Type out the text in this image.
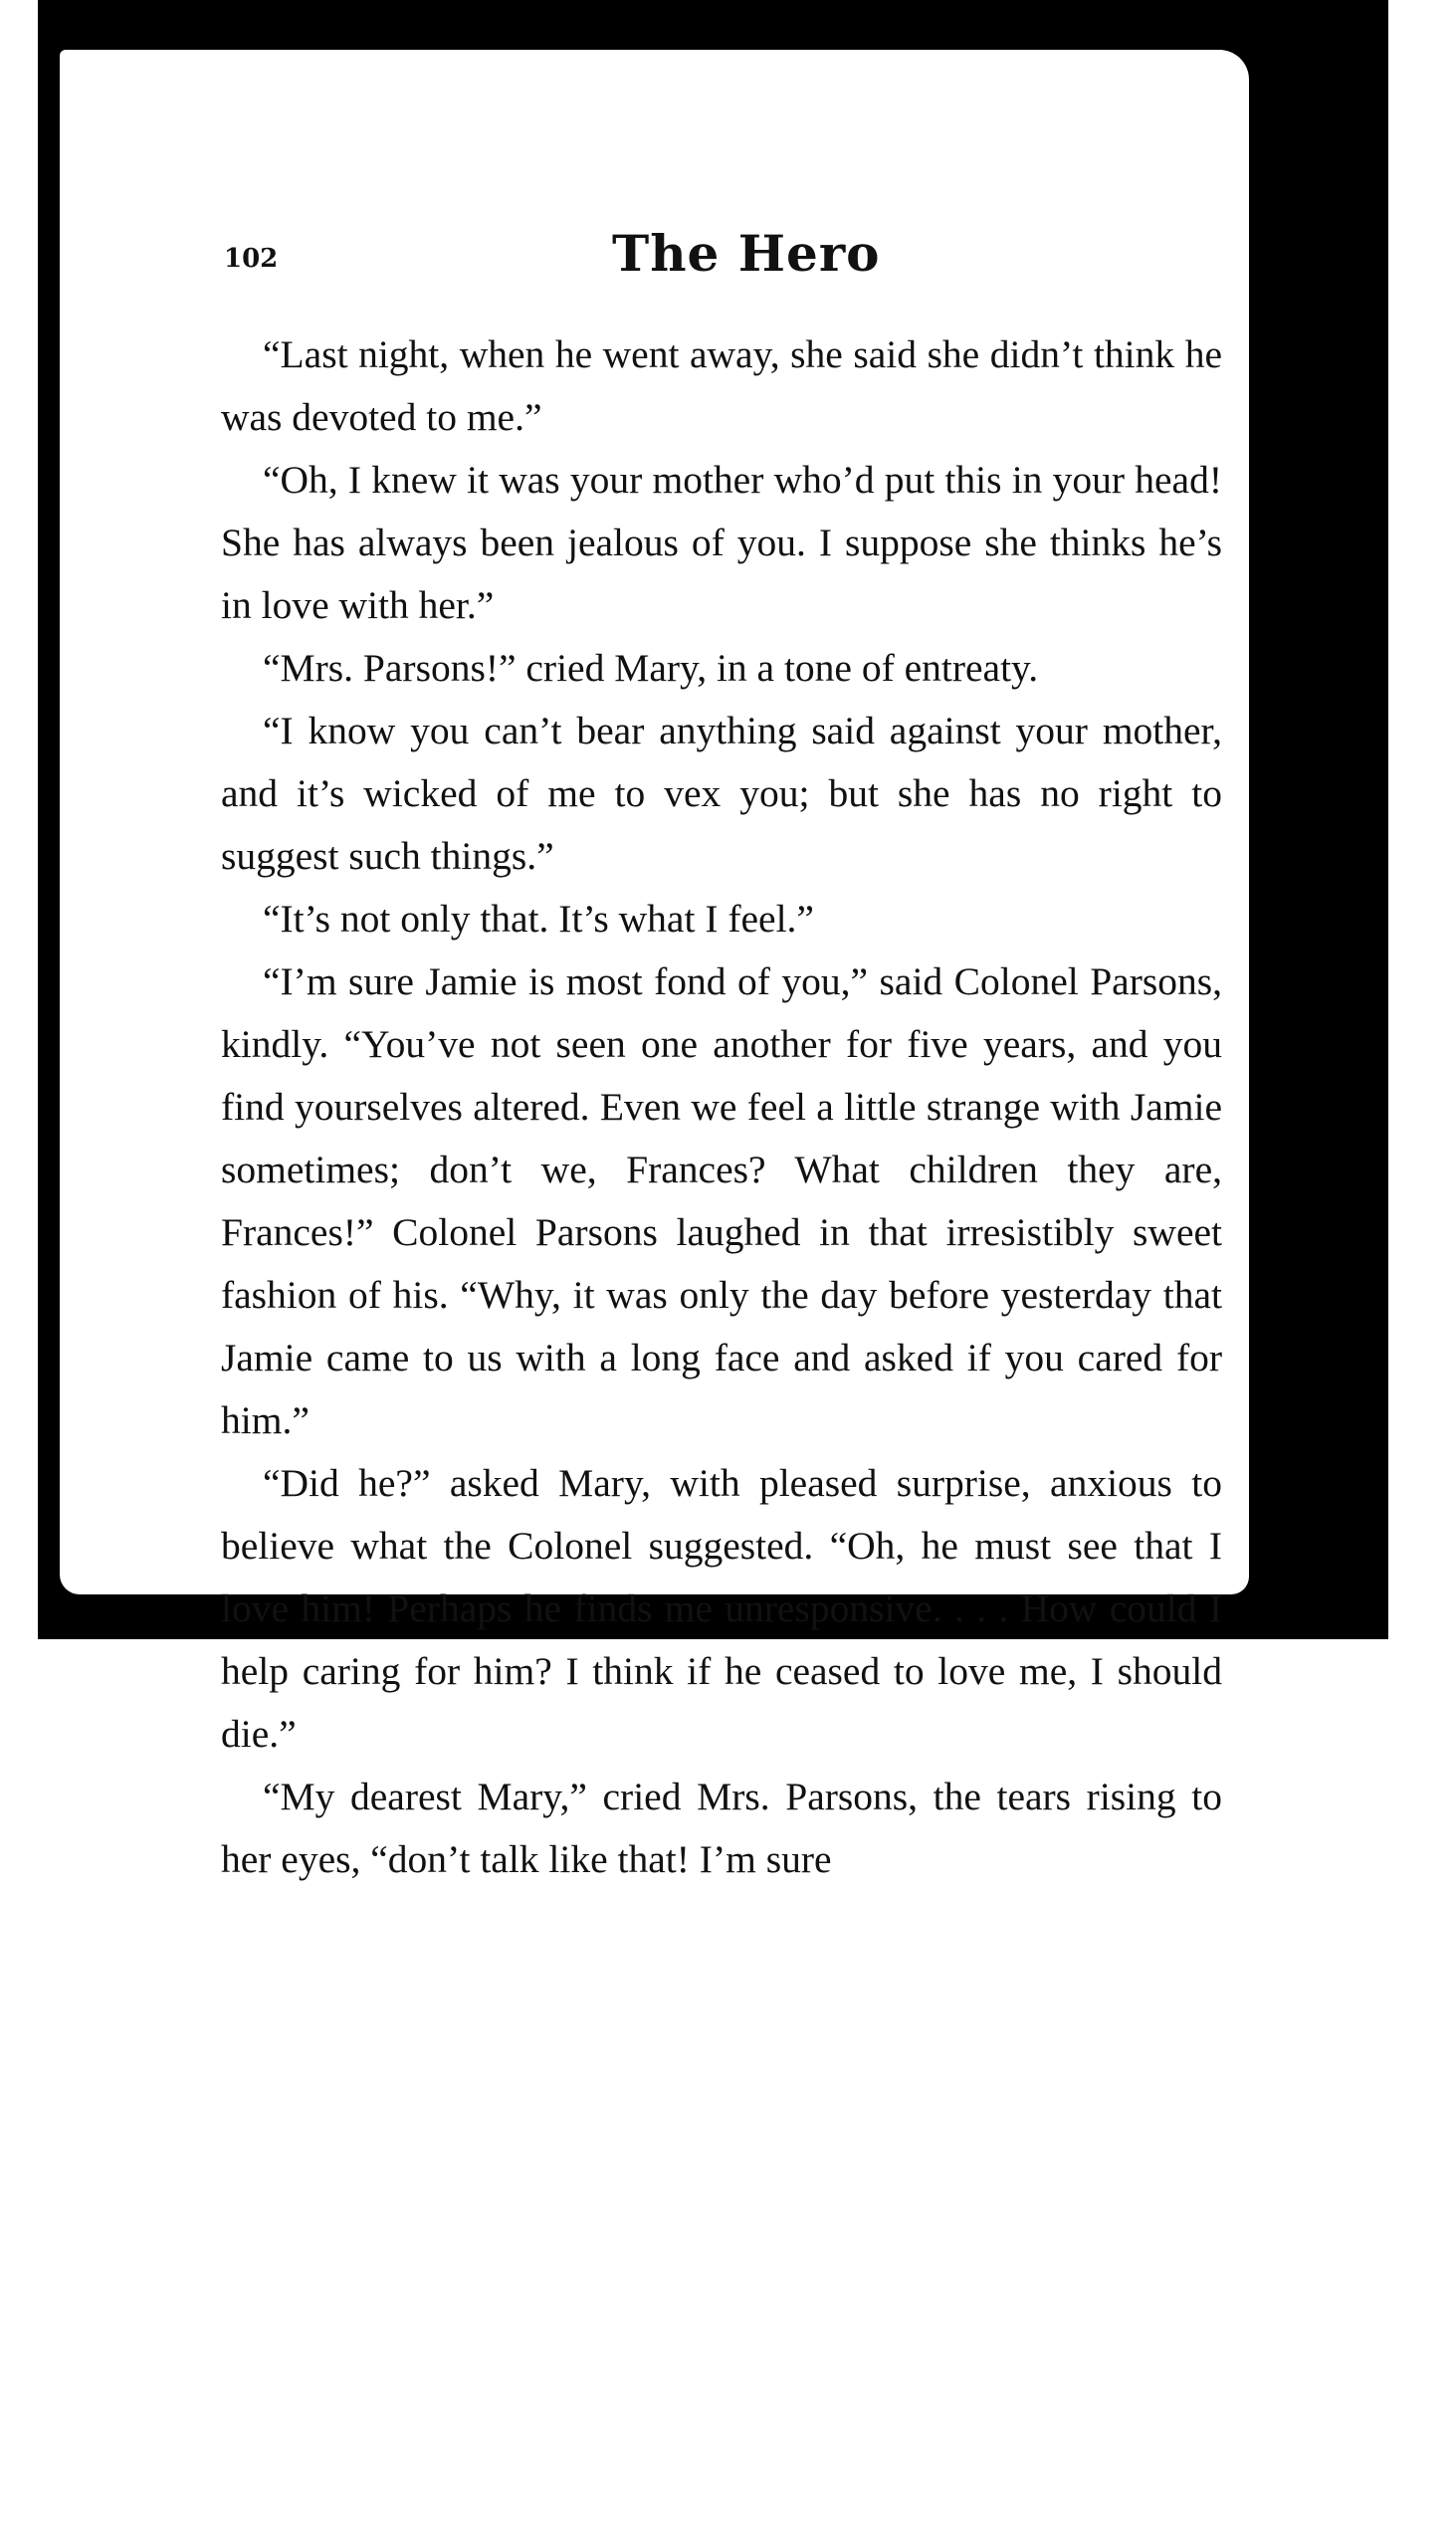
102	The Hero

“Last night, when he went away, she said she didn’t think he was devoted to me.”

“Oh, I knew it was your mother who’d put this in your head! She has always been jealous of you. I suppose she thinks he’s in love with her.”

“Mrs. Parsons!” cried Mary, in a tone of entreaty.

“I know you can’t bear anything said against your mother, and it’s wicked of me to vex you; but she has no right to suggest such things.”

“It’s not only that. It’s what I feel.”

“I’m sure Jamie is most fond of you,” said Colonel Parsons, kindly. “You’ve not seen one another for five years, and you find yourselves altered. Even we feel a little strange with Jamie sometimes; don’t we, Frances? What children they are, Frances!” Colonel Parsons laughed in that irresistibly sweet fashion of his. “Why, it was only the day before yesterday that Jamie came to us with a long face and asked if you cared for him.”

“Did he?” asked Mary, with pleased surprise, anxious to believe what the Colonel suggested. “Oh, he must see that I love him! Perhaps he finds me unresponsive. . . . How could I help caring for him? I think if he ceased to love me, I should die.”

“My dearest Mary,” cried Mrs. Parsons, the tears rising to her eyes, “don’t talk like that! I’m sure
